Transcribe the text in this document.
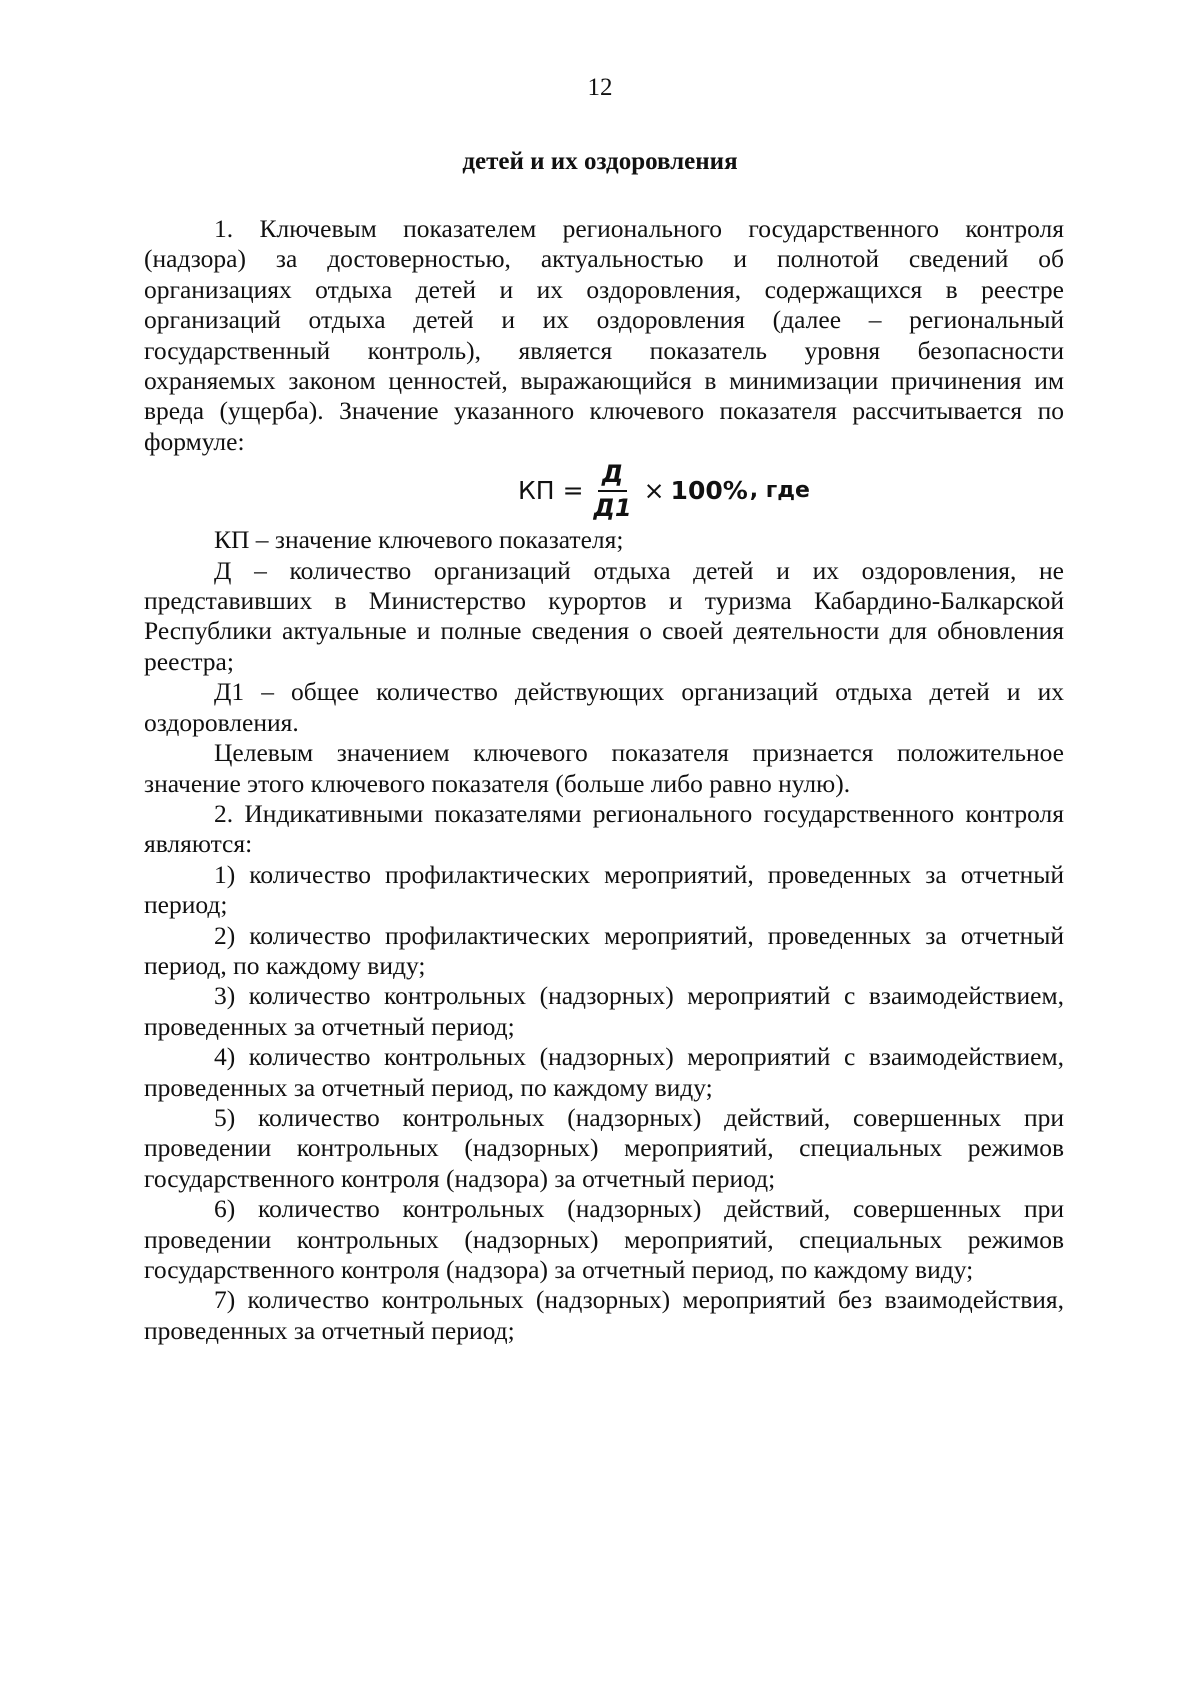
12
детей и их оздоровления

1. Ключевым показателем регионального государственного контроля (надзора) за достоверностью, актуальностью и полнотой сведений об организациях отдыха детей и их оздоровления, содержащихся в реестре организаций отдыха детей и их оздоровления (далее – региональный государственный контроль), является показатель уровня безопасности охраняемых законом ценностей, выражающийся в минимизации причинения им вреда (ущерба). Значение указанного ключевого показателя рассчитывается по формуле:

КП = $\frac{Д}{Д1} \times 100\%$ , где

КП – значение ключевого показателя;

Д – количество организаций отдыха детей и их оздоровления, не представивших в Министерство курортов и туризма Кабардино-Балкарской Республики актуальные и полные сведения о своей деятельности для обновления реестра;

Д1 – общее количество действующих организаций отдыха детей и их оздоровления.

Целевым значением ключевого показателя признается положительное значение этого ключевого показателя (больше либо равно нулю).

2. Индикативными показателями регионального государственного контроля являются:

1) количество профилактических мероприятий, проведенных за отчетный период;

2) количество профилактических мероприятий, проведенных за отчетный период, по каждому виду;

3) количество контрольных (надзорных) мероприятий с взаимодействием, проведенных за отчетный период;

4) количество контрольных (надзорных) мероприятий с взаимодействием, проведенных за отчетный период, по каждому виду;

5) количество контрольных (надзорных) действий, совершенных при проведении контрольных (надзорных) мероприятий, специальных режимов государственного контроля (надзора) за отчетный период;

6) количество контрольных (надзорных) действий, совершенных при проведении контрольных (надзорных) мероприятий, специальных режимов государственного контроля (надзора) за отчетный период, по каждому виду;

7) количество контрольных (надзорных) мероприятий без взаимодействия, проведенных за отчетный период;
